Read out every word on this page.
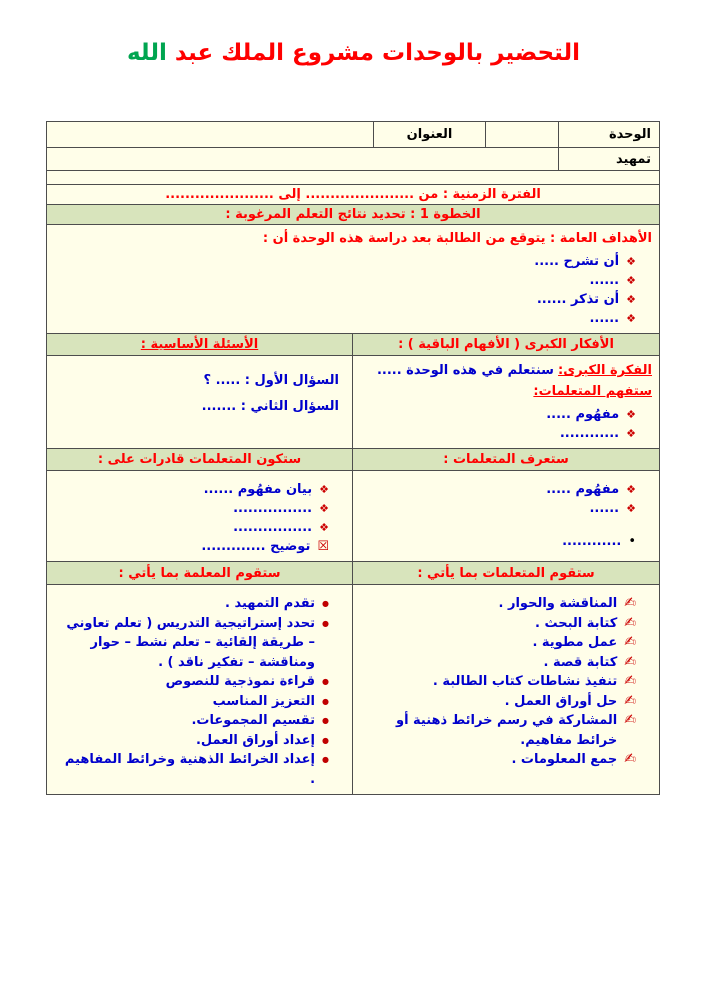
التحضير بالوحدات مشروع الملك عبد الله
الوحدة
العنوان
تمهيد
الفترة الزمنية : من ...................... إلى ......................
الخطوة 1 : تحديد نتائج التعلم المرغوبة :
الأهداف العامة : يتوقع من الطالبة بعد دراسة هذه الوحدة أن :
❖
أن تشرح .....
❖
......
❖
أن تذكر ......
❖
......
الأفكار الكبرى ( الأفهام الباقية ) :
الأسئلة الأساسية :
الفكرة الكبرى: سنتعلم في هذه الوحدة .....
ستفهم المتعلمات:
❖
مفهُوم .....
❖
............
السؤال الأول : ..... ؟
السؤال الثاني : .......
ستعرف المتعلمات :
ستكون المتعلمات قادرات على :
❖
مفهُوم .....
❖
......
•
............
❖
بيان مفهُوم ......
❖
................
❖
................
☒
توضيح .............
ستقوم المتعلمات بما يأتي :
ستقوم المعلمة بما يأتي :
✍
المناقشة والحوار .
✍
كتابة البحث .
✍
عمل مطوية .
✍
كتابة قصة .
✍
تنفيذ نشاطات كتاب الطالبة .
✍
حل أوراق العمل .
✍
المشاركة في رسم خرائط ذهنية أو خرائط مفاهيم.
✍
جمع المعلومات .
●
تقدم التمهيد .
●
تحدد إستراتيجية التدريس ( تعلم تعاوني – طريقة إلقائية – تعلم نشط – حوار ومناقشة – تفكير ناقد ) .
●
قراءة نموذجية للنصوص
●
التعزيز المناسب
●
تقسيم المجموعات.
●
إعداد أوراق العمل.
●
إعداد الخرائط الذهنية وخرائط المفاهيم .
